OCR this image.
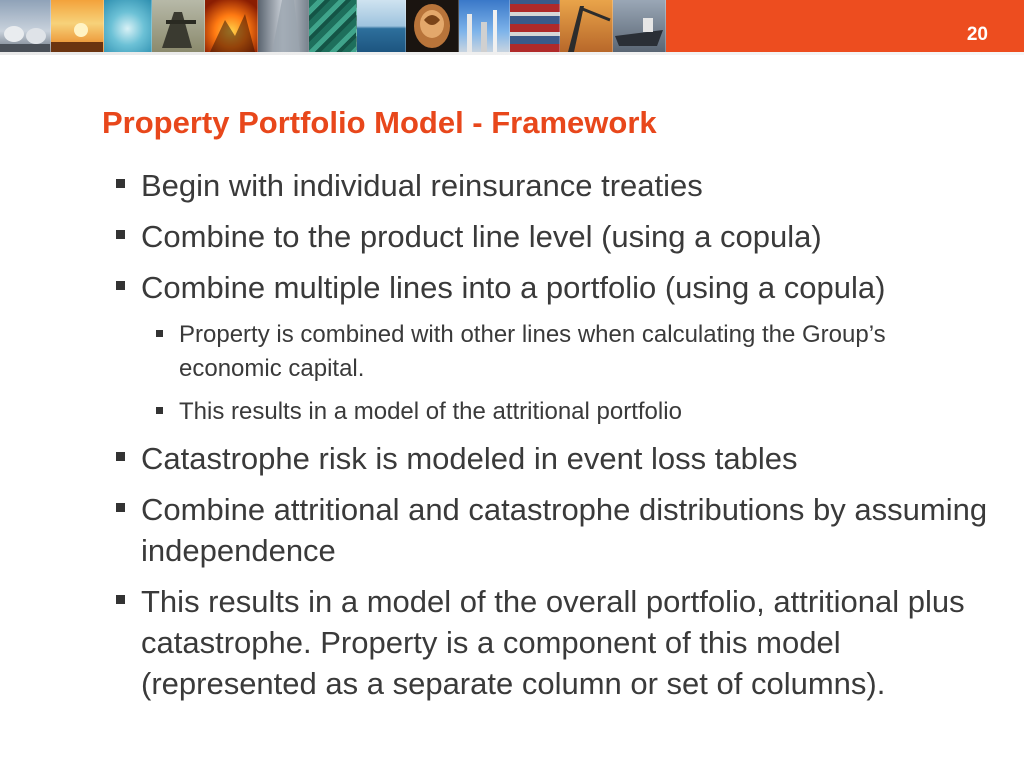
20
Property Portfolio Model - Framework
Begin with individual reinsurance treaties
Combine to the product line level (using a copula)
Combine multiple lines into a portfolio (using a copula)
Property is combined with other lines when calculating the Group’s economic capital.
This results in a model of the attritional portfolio
Catastrophe risk is modeled in event loss tables
Combine attritional and catastrophe distributions by assuming independence
This results in a model of the overall portfolio, attritional plus catastrophe. Property is a component of this model (represented as a separate column or set of columns).
